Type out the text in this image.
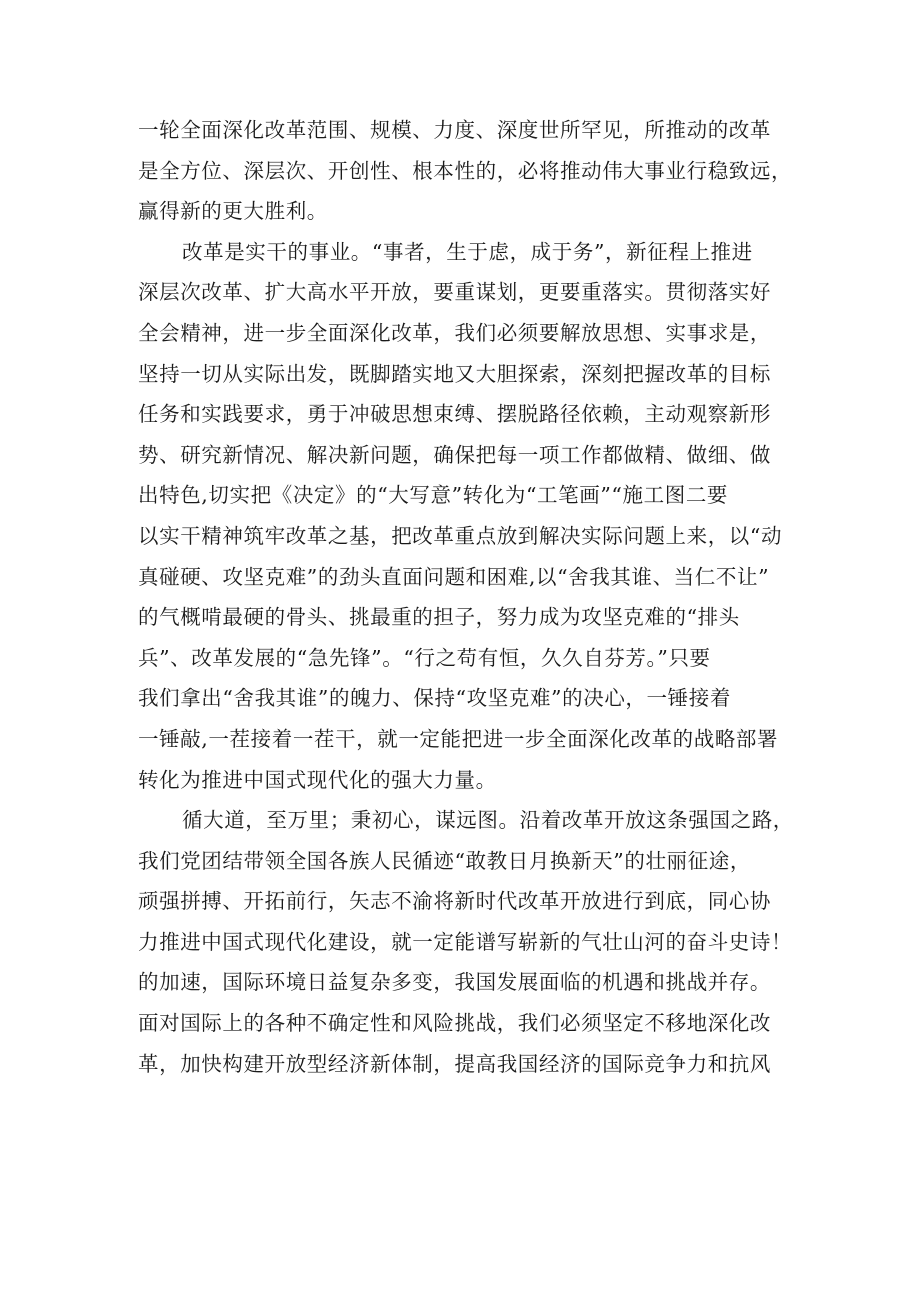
一轮全面深化改革范围、规模、力度、深度世所罕见，所推动的改革
是全方位、深层次、开创性、根本性的，必将推动伟大事业行稳致远，
赢得新的更大胜利。
改革是实干的事业。“事者，生于虑，成于务”，新征程上推进
深层次改革、扩大高水平开放，要重谋划，更要重落实。贯彻落实好
全会精神，进一步全面深化改革，我们必须要解放思想、实事求是，
坚持一切从实际出发，既脚踏实地又大胆探索，深刻把握改革的目标
任务和实践要求，勇于冲破思想束缚、摆脱路径依赖，主动观察新形
势、研究新情况、解决新问题，确保把每一项工作都做精、做细、做
出特色,切实把《决定》的“大写意”转化为“工笔画”“施工图二要
以实干精神筑牢改革之基，把改革重点放到解决实际问题上来，以“动
真碰硬、攻坚克难”的劲头直面问题和困难,以“舍我其谁、当仁不让”
的气概啃最硬的骨头、挑最重的担子，努力成为攻坚克难的“排头
兵”、改革发展的“急先锋”。“行之苟有恒，久久自芬芳。”只要
我们拿出“舍我其谁”的魄力、保持“攻坚克难”的决心，一锤接着
一锤敲,一茬接着一茬干，就一定能把进一步全面深化改革的战略部署
转化为推进中国式现代化的强大力量。
循大道，至万里；秉初心，谋远图。沿着改革开放这条强国之路，
我们党团结带领全国各族人民循迹“敢教日月换新天”的壮丽征途，
顽强拼搏、开拓前行，矢志不渝将新时代改革开放进行到底，同心协
力推进中国式现代化建设，就一定能谱写崭新的气壮山河的奋斗史诗！
的加速，国际环境日益复杂多变，我国发展面临的机遇和挑战并存。
面对国际上的各种不确定性和风险挑战，我们必须坚定不移地深化改
革，加快构建开放型经济新体制，提高我国经济的国际竞争力和抗风
